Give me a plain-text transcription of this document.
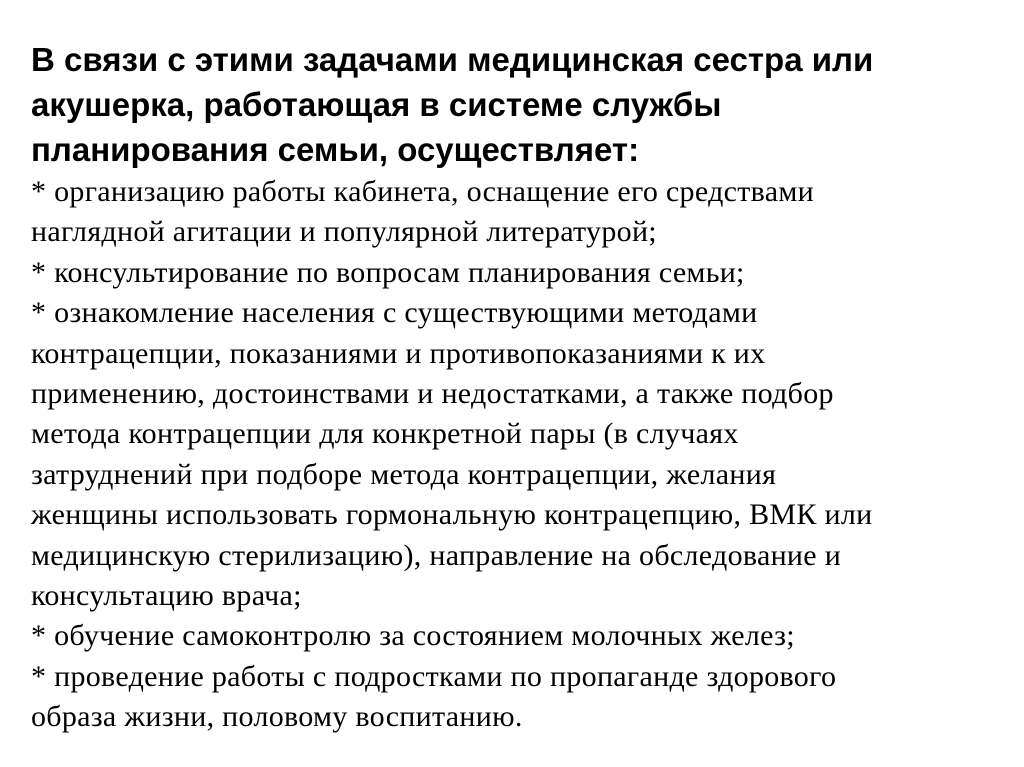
В связи с этими задачами медицинская сестра или
акушерка, работающая в системе службы
планирования семьи, осуществляет:
* организацию работы кабинета, оснащение его средствами
наглядной агитации и популярной литературой;
* консультирование по вопросам планирования семьи;
* ознакомление населения с существующими методами
контрацепции, показаниями и противопоказаниями к их
применению, достоинствами и недостатками, а также подбор
метода контрацепции для конкретной пары (в случаях
затруднений при подборе метода контрацепции, желания
женщины использовать гормональную контрацепцию, ВМК или
медицинскую стерилизацию), направление на обследование и
консультацию врача;
* обучение самоконтролю за состоянием молочных желез;
* проведение работы с подростками по пропаганде здорового
образа жизни, половому воспитанию.
